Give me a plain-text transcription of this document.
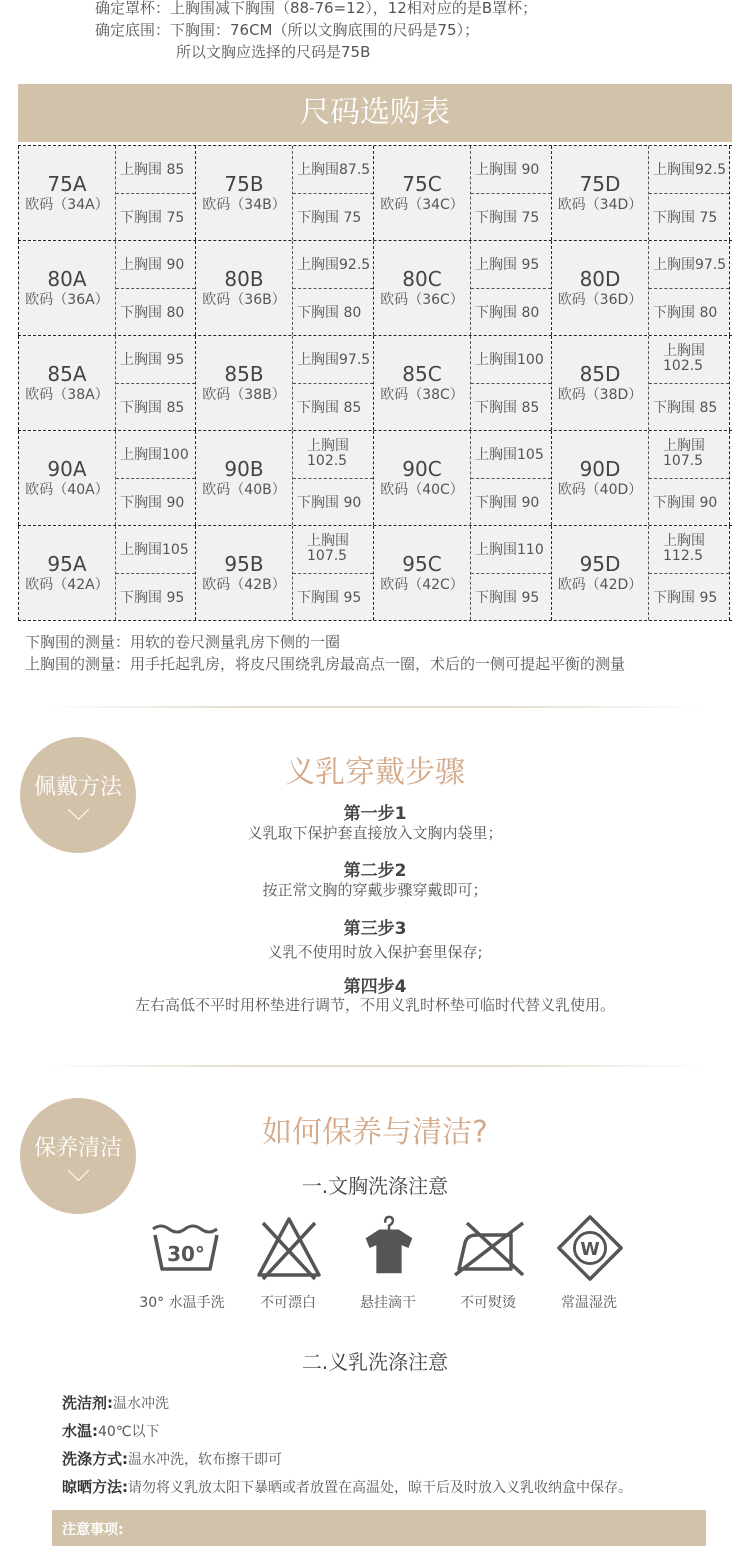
确定罩杯：上胸围减下胸围（88-76=12），12相对应的是B罩杯；
确定底围：下胸围：76CM（所以文胸底围的尺码是75）；
所以文胸应选择的尺码是75B
尺码选购表
75A
欧码（34A）
上胸围 85
下胸围 75
75B
欧码（34B）
上胸围87.5
下胸围 75
75C
欧码（34C）
上胸围 90
下胸围 75
75D
欧码（34D）
上胸围92.5
下胸围 75
80A
欧码（36A）
上胸围 90
下胸围 80
80B
欧码（36B）
上胸围92.5
下胸围 80
80C
欧码（36C）
上胸围 95
下胸围 80
80D
欧码（36D）
上胸围97.5
下胸围 80
85A
欧码（38A）
上胸围 95
下胸围 85
85B
欧码（38B）
上胸围97.5
下胸围 85
85C
欧码（38C）
上胸围100
下胸围 85
85D
欧码（38D）
上胸围
102.5
下胸围 85
90A
欧码（40A）
上胸围100
下胸围 90
90B
欧码（40B）
上胸围
102.5
下胸围 90
90C
欧码（40C）
上胸围105
下胸围 90
90D
欧码（40D）
上胸围
107.5
下胸围 90
95A
欧码（42A）
上胸围105
下胸围 95
95B
欧码（42B）
上胸围
107.5
下胸围 95
95C
欧码（42C）
上胸围110
下胸围 95
95D
欧码（42D）
上胸围
112.5
下胸围 95
下胸围的测量：用软的卷尺测量乳房下侧的一圈
上胸围的测量：用手托起乳房，将皮尺围绕乳房最高点一圈，术后的一侧可提起平衡的测量
佩戴方法	义乳穿戴步骤
第一步1
义乳取下保护套直接放入文胸内袋里；
第二步2
按正常文胸的穿戴步骤穿戴即可；
第三步3
义乳不使用时放入保护套里保存;
第四步4
左右高低不平时用杯垫进行调节，不用义乳时杯垫可临时代替义乳使用。
保养清洁	如何保养与清洁?
一.文胸洗涤注意
30°	W
30° 水温手洗	不可漂白	悬挂滴干	不可熨烫	常温湿洗
二.义乳洗涤注意
洗洁剂:温水冲洗
水温:40℃以下
洗涤方式:温水冲洗，软布擦干即可
晾晒方法:请勿将义乳放太阳下暴晒或者放置在高温处，晾干后及时放入义乳收纳盒中保存。
注意事项:
